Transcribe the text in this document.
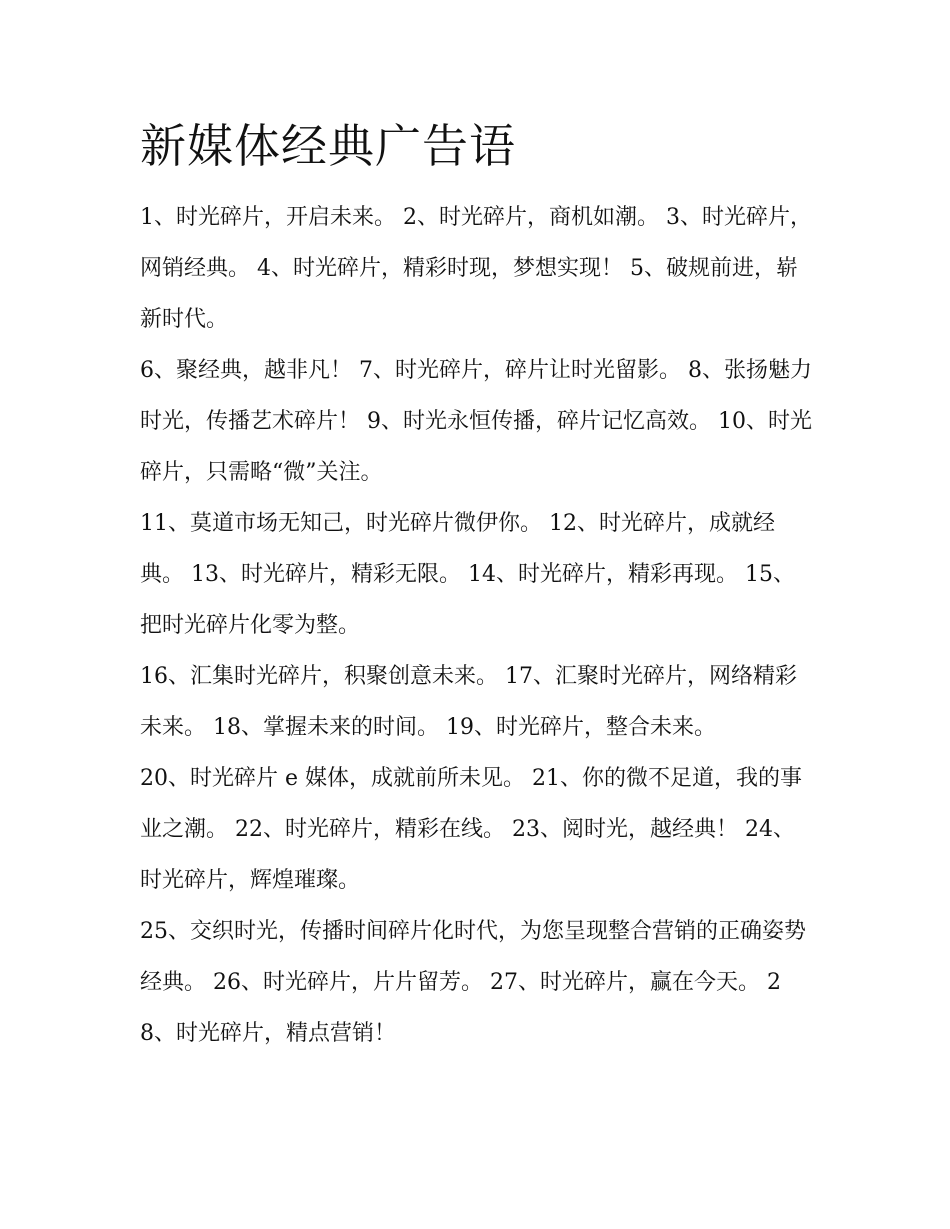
新媒体经典广告语

1、时光碎片，开启未来。 2、时光碎片，商机如潮。 3、时光碎片，网销经典。 4、时光碎片，精彩时现，梦想实现！ 5、破规前进，崭新时代。

6、聚经典，越非凡！ 7、时光碎片，碎片让时光留影。 8、张扬魅力时光，传播艺术碎片！ 9、时光永恒传播，碎片记忆高效。 10、时光碎片，只需略“微”关注。

11、莫道市场无知己，时光碎片微伊你。 12、时光碎片，成就经典。 13、时光碎片，精彩无限。 14、时光碎片，精彩再现。 15、把时光碎片化零为整。

16、汇集时光碎片，积聚创意未来。 17、汇聚时光碎片，网络精彩未来。 18、掌握未来的时间。 19、时光碎片，整合未来。

20、时光碎片 e 媒体，成就前所未见。 21、你的微不足道，我的事业之潮。 22、时光碎片，精彩在线。 23、阅时光，越经典！ 24、时光碎片，辉煌璀璨。

25、交织时光，传播时间碎片化时代，为您呈现整合营销的正确姿势经典。 26、时光碎片，片片留芳。 27、时光碎片，赢在今天。 28、时光碎片，精点营销！
